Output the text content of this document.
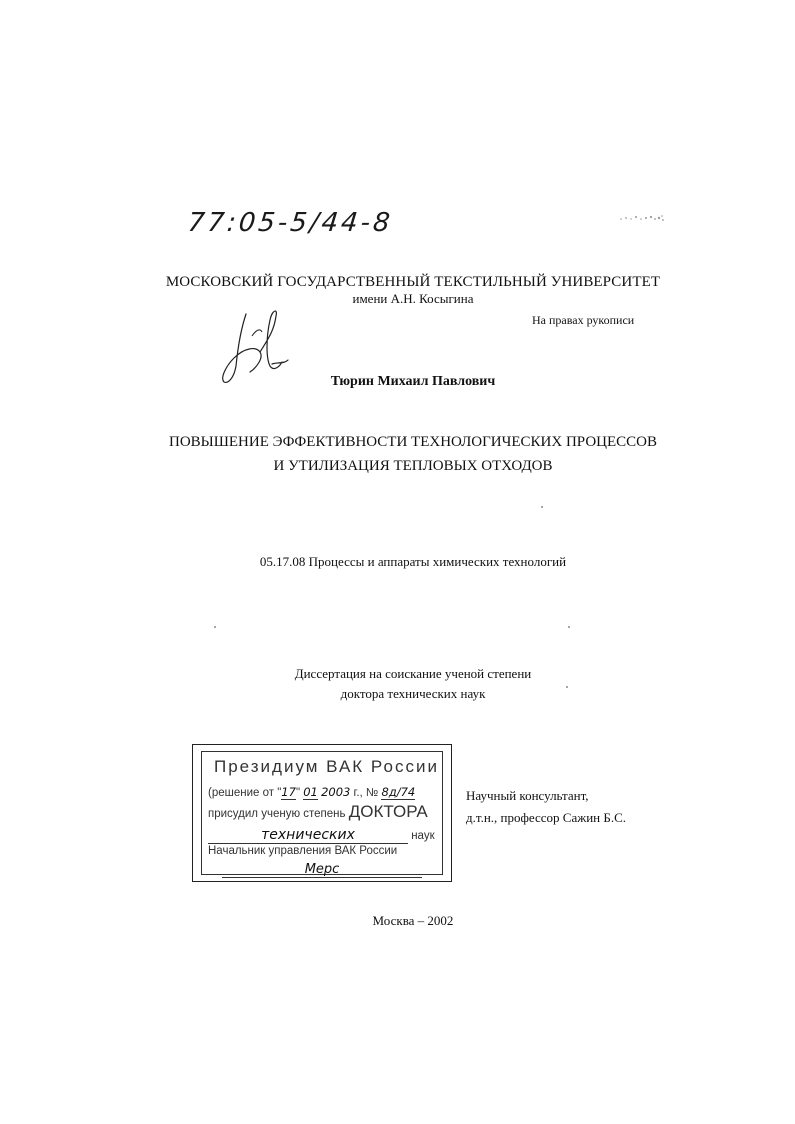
77:05-5/44-8
МОСКОВСКИЙ ГОСУДАРСТВЕННЫЙ ТЕКСТИЛЬНЫЙ УНИВЕРСИТЕТ
имени А.Н. Косыгина
На правах рукописи
Тюрин Михаил Павлович
ПОВЫШЕНИЕ ЭФФЕКТИВНОСТИ ТЕХНОЛОГИЧЕСКИХ ПРОЦЕССОВ
И УТИЛИЗАЦИЯ ТЕПЛОВЫХ ОТХОДОВ
05.17.08 Процессы и аппараты химических технологий
Диссертация на соискание ученой степени
доктора технических наук
Президиум ВАК России
(решение от "17" 01 2003 г., № 8д/74
присудил ученую степень ДОКТОРА
технических	наук
Начальник управления ВАК России
Мерс
Научный консультант,
д.т.н., профессор Сажин Б.С.
Москва – 2002
